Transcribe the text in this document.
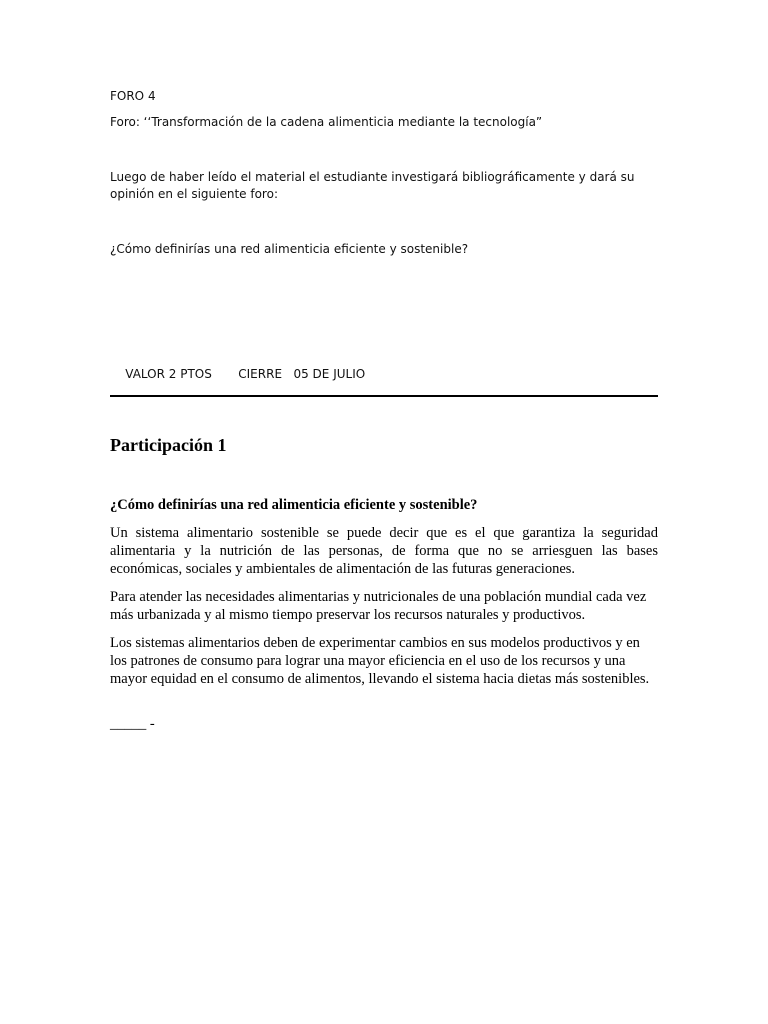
FORO 4

Foro: ‘‘Transformación de la cadena alimenticia mediante la tecnología”

Luego de haber leído el material el estudiante investigará bibliográficamente y dará su opinión en el siguiente foro:

¿Cómo definirías una red alimenticia eficiente y sostenible?

VALOR 2 PTOS CIERRE   05 DE JULIO

Participación 1

¿Cómo definirías una red alimenticia eficiente y sostenible?

Un sistema alimentario sostenible se puede decir que es el que garantiza la seguridad alimentaria y la nutrición de las personas, de forma que no se arriesguen las bases económicas, sociales y ambientales de alimentación de las futuras generaciones.

Para atender las necesidades alimentarias y nutricionales de una población mundial cada vez más urbanizada y al mismo tiempo preservar los recursos naturales y productivos.

Los sistemas alimentarios deben de experimentar cambios en sus modelos productivos y en los patrones de consumo para lograr una mayor eficiencia en el uso de los recursos y una mayor equidad en el consumo de alimentos, llevando el sistema hacia dietas más sostenibles.

_____ -
